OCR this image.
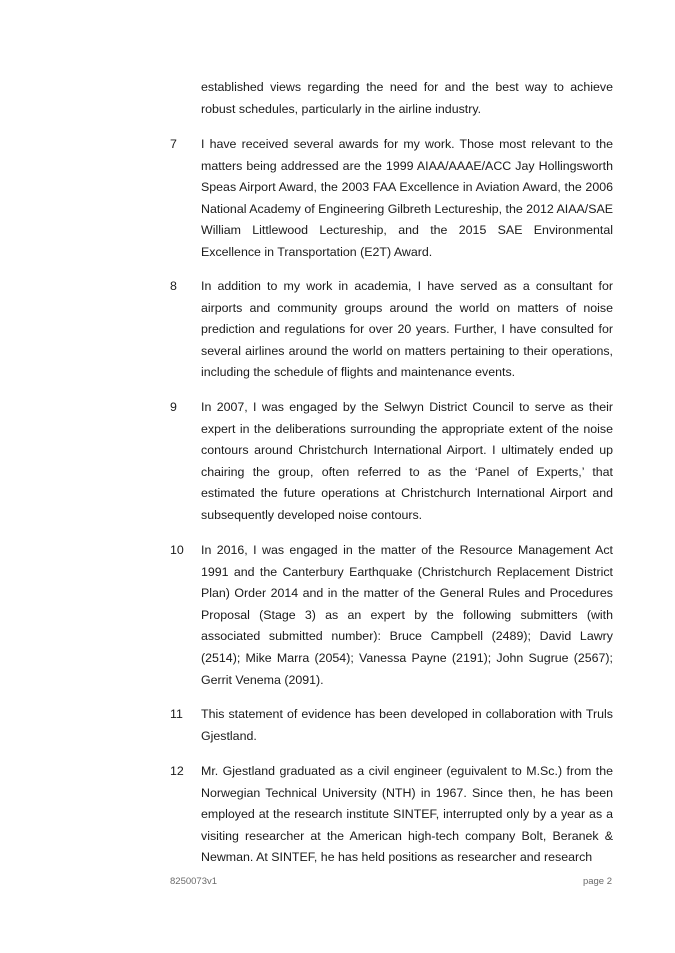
established views regarding the need for and the best way to achieve robust schedules, particularly in the airline industry.

7	I have received several awards for my work. Those most relevant to the matters being addressed are the 1999 AIAA/AAAE/ACC Jay Hollingsworth Speas Airport Award, the 2003 FAA Excellence in Aviation Award, the 2006 National Academy of Engineering Gilbreth Lectureship, the 2012 AIAA/SAE William Littlewood Lectureship, and the 2015 SAE Environmental Excellence in Transportation (E2T) Award.

8	In addition to my work in academia, I have served as a consultant for airports and community groups around the world on matters of noise prediction and regulations for over 20 years. Further, I have consulted for several airlines around the world on matters pertaining to their operations, including the schedule of flights and maintenance events.

9	In 2007, I was engaged by the Selwyn District Council to serve as their expert in the deliberations surrounding the appropriate extent of the noise contours around Christchurch International Airport. I ultimately ended up chairing the group, often referred to as the ‘Panel of Experts,’ that estimated the future operations at Christchurch International Airport and subsequently developed noise contours.

10	In 2016, I was engaged in the matter of the Resource Management Act 1991 and the Canterbury Earthquake (Christchurch Replacement District Plan) Order 2014 and in the matter of the General Rules and Procedures Proposal (Stage 3) as an expert by the following submitters (with associated submitted number): Bruce Campbell (2489); David Lawry (2514); Mike Marra (2054); Vanessa Payne (2191); John Sugrue (2567); Gerrit Venema (2091).

11	This statement of evidence has been developed in collaboration with Truls Gjestland.

12	Mr. Gjestland graduated as a civil engineer (eguivalent to M.Sc.) from the Norwegian Technical University (NTH) in 1967. Since then, he has been employed at the research institute SINTEF, interrupted only by a year as a visiting researcher at the American high-tech company Bolt, Beranek & Newman. At SINTEF, he has held positions as researcher and research

8250073v1	page 2
